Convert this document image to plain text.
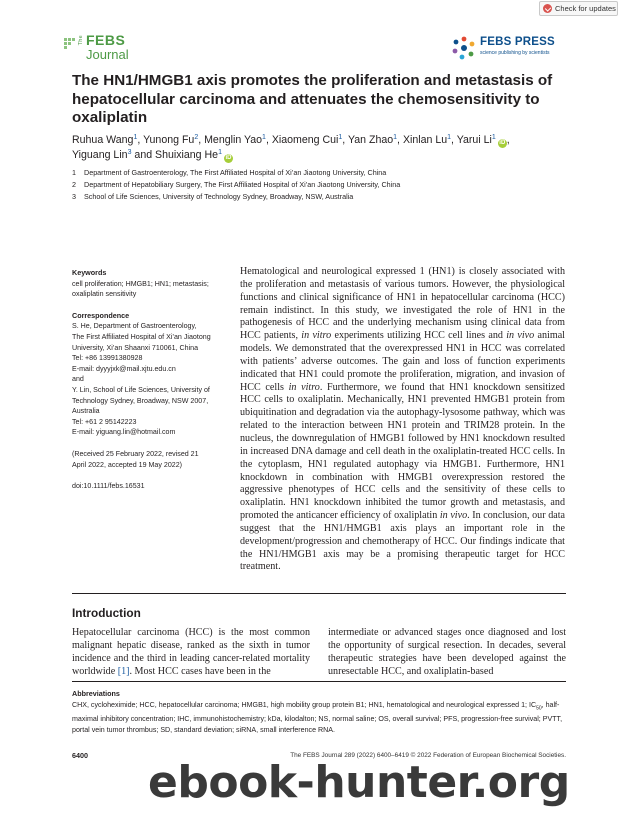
Check for updates
The FEBS
Journal
FEBS PRESS
science publishing by scientists
The HN1/HMGB1 axis promotes the proliferation and metastasis of hepatocellular carcinoma and attenuates the chemosensitivity to oxaliplatin
Ruhua Wang$^1$, Yunong Fu$^2$, Menglin Yao$^1$, Xiaomeng Cui$^1$, Yan Zhao$^1$, Xinlan Lu$^1$, Yarui Li$^1$iD ,
Yiguang Lin$^3$ and Shuixiang He$^1$iD
1 Department of Gastroenterology, The First Affiliated Hospital of Xi’an Jiaotong University, China
2 Department of Hepatobiliary Surgery, The First Affiliated Hospital of Xi’an Jiaotong University, China
3 School of Life Sciences, University of Technology Sydney, Broadway, NSW, Australia

Keywords

cell proliferation; HMGB1; HN1; metastasis; oxaliplatin sensitivity

Correspondence

S. He, Department of Gastroenterology,

The First Affiliated Hospital of Xi’an Jiaotong

University, Xi’an Shaanxi 710061, China

Tel: +86 13991380928

E-mail: dyyyjxk@mail.xjtu.edu.cn

and

Y. Lin, School of Life Sciences, University of

Technology Sydney, Broadway, NSW 2007,

Australia

Tel: +61 2 95142223

E-mail: yiguang.lin@hotmail.com

(Received 25 February 2022, revised 21

April 2022, accepted 19 May 2022)

doi:10.1111/febs.16531

Hematological and neurological expressed 1 (HN1) is closely associated with the proliferation and metastasis of various tumors. However, the physiological functions and clinical significance of HN1 in hepatocellular carcinoma (HCC) remain indistinct. In this study, we investigated the role of HN1 in the pathogenesis of HCC and the underlying mechanism using clinical data from HCC patients, in vitro experiments utilizing HCC cell lines and in vivo animal models. We demonstrated that the overexpressed HN1 in HCC was correlated with patients’ adverse outcomes. The gain and loss of function experiments indicated that HN1 could promote the proliferation, migration, and invasion of HCC cells in vitro. Furthermore, we found that HN1 knockdown sensitized HCC cells to oxaliplatin. Mechanically, HN1 prevented HMGB1 protein from ubiquitination and degradation via the autophagy-lysosome pathway, which was related to the interaction between HN1 protein and TRIM28 protein. In the nucleus, the downregulation of HMGB1 followed by HN1 knockdown resulted in increased DNA damage and cell death in the oxaliplatin-treated HCC cells. In the cytoplasm, HN1 regulated autophagy via HMGB1. Furthermore, HN1 knockdown in combination with HMGB1 overexpression restored the aggressive phenotypes of HCC cells and the sensitivity of these cells to oxaliplatin. HN1 knockdown inhibited the tumor growth and metastasis, and promoted the anticancer efficiency of oxaliplatin in vivo. In conclusion, our data suggest that the HN1/HMGB1 axis plays an important role in the development/progression and chemotherapy of HCC. Our findings indicate that the HN1/HMGB1 axis may be a promising therapeutic target for HCC treatment.

Introduction

Hepatocellular carcinoma (HCC) is the most common malignant hepatic disease, ranked as the sixth in tumor incidence and the third in leading cancer-related mortality worldwide [1]. Most HCC cases have been in the

intermediate or advanced stages once diagnosed and lost the opportunity of surgical resection. In decades, several therapeutic strategies have been developed against the unresectable HCC, and oxaliplatin-based

Abbreviations

CHX, cycloheximide; HCC, hepatocellular carcinoma; HMGB1, high mobility group protein B1; HN1, hematological and neurological expressed 1; $IC_{50}$, half-maximal inhibitory concentration; IHC, immunohistochemistry; kDa, kilodalton; NS, normal saline; OS, overall survival; PFS, progression-free survival; PVTT, portal vein tumor thrombus; SD, standard deviation; siRNA, small interference RNA.

6400	The FEBS Journal 289 (2022) 6400–6419 © 2022 Federation of European Biochemical Societies.
ebook-hunter.org
